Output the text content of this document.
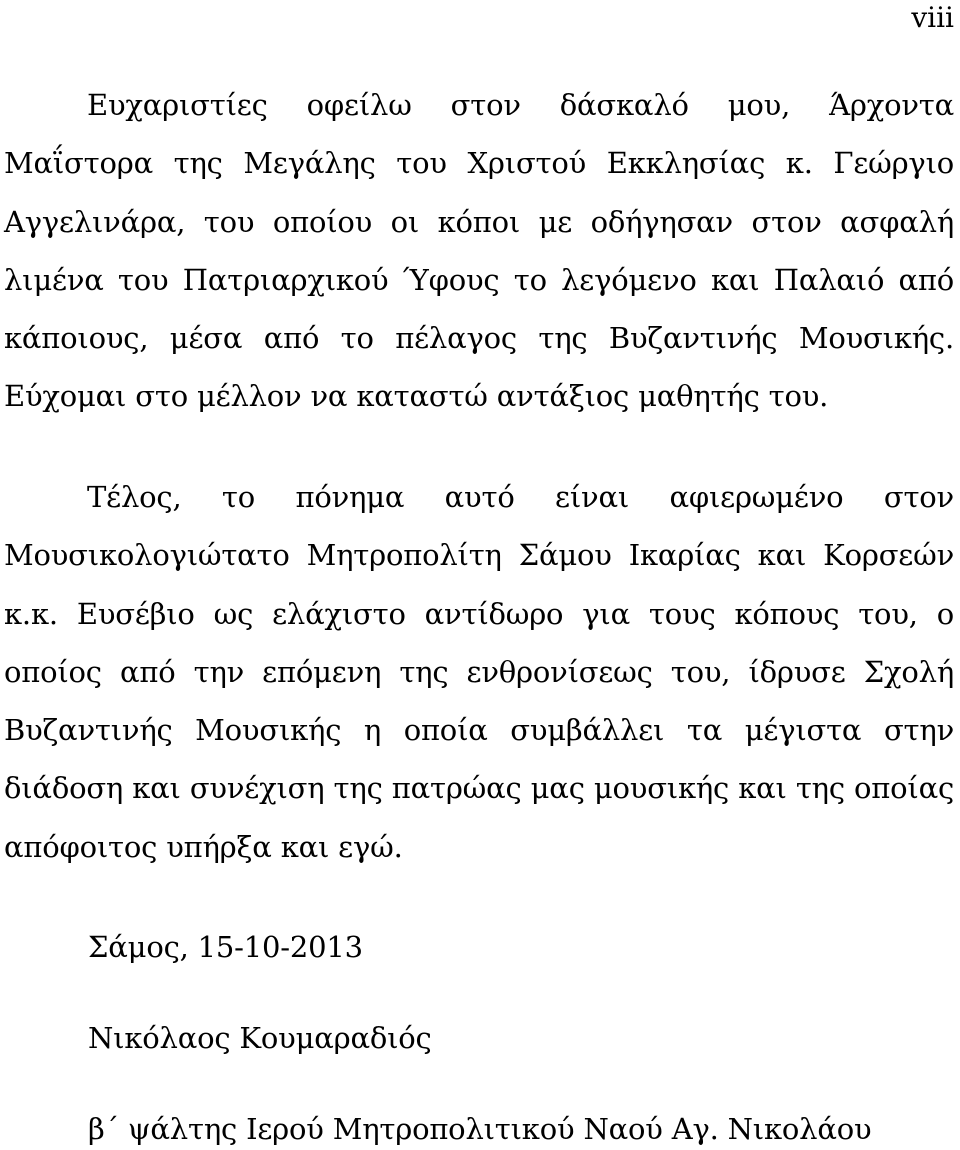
viii

Ευχαριστίες οφείλω στον δάσκαλό μου, Άρχοντα Μαΐστορα της Μεγάλης του Χριστού Εκκλησίας κ. Γεώργιο Αγγελινάρα, του οποίου οι κόποι με οδήγησαν στον ασφαλή λιμένα του Πατριαρχικού Ύφους το λεγόμενο και Παλαιό από κάποιους, μέσα από το πέλαγος της Βυζαντινής Μουσικής. Εύχομαι στο μέλλον να καταστώ αντάξιος μαθητής του.

Τέλος, το πόνημα αυτό είναι αφιερωμένο στον Μουσικολογιώτατο Μητροπολίτη Σάμου Ικαρίας και Κορσεών κ.κ. Ευσέβιο ως ελάχιστο αντίδωρο για τους κόπους του, ο οποίος από την επόμενη της ενθρονίσεως του, ίδρυσε Σχολή Βυζαντινής Μουσικής η οποία συμβάλλει τα μέγιστα στην διάδοση και συνέχιση της πατρώας μας μουσικής και της οποίας απόφοιτος υπήρξα και εγώ.

Σάμος, 15-10-2013

Νικόλαος Κουμαραδιός

β΄ ψάλτης Ιερού Μητροπολιτικού Ναού Αγ. Νικολάου
